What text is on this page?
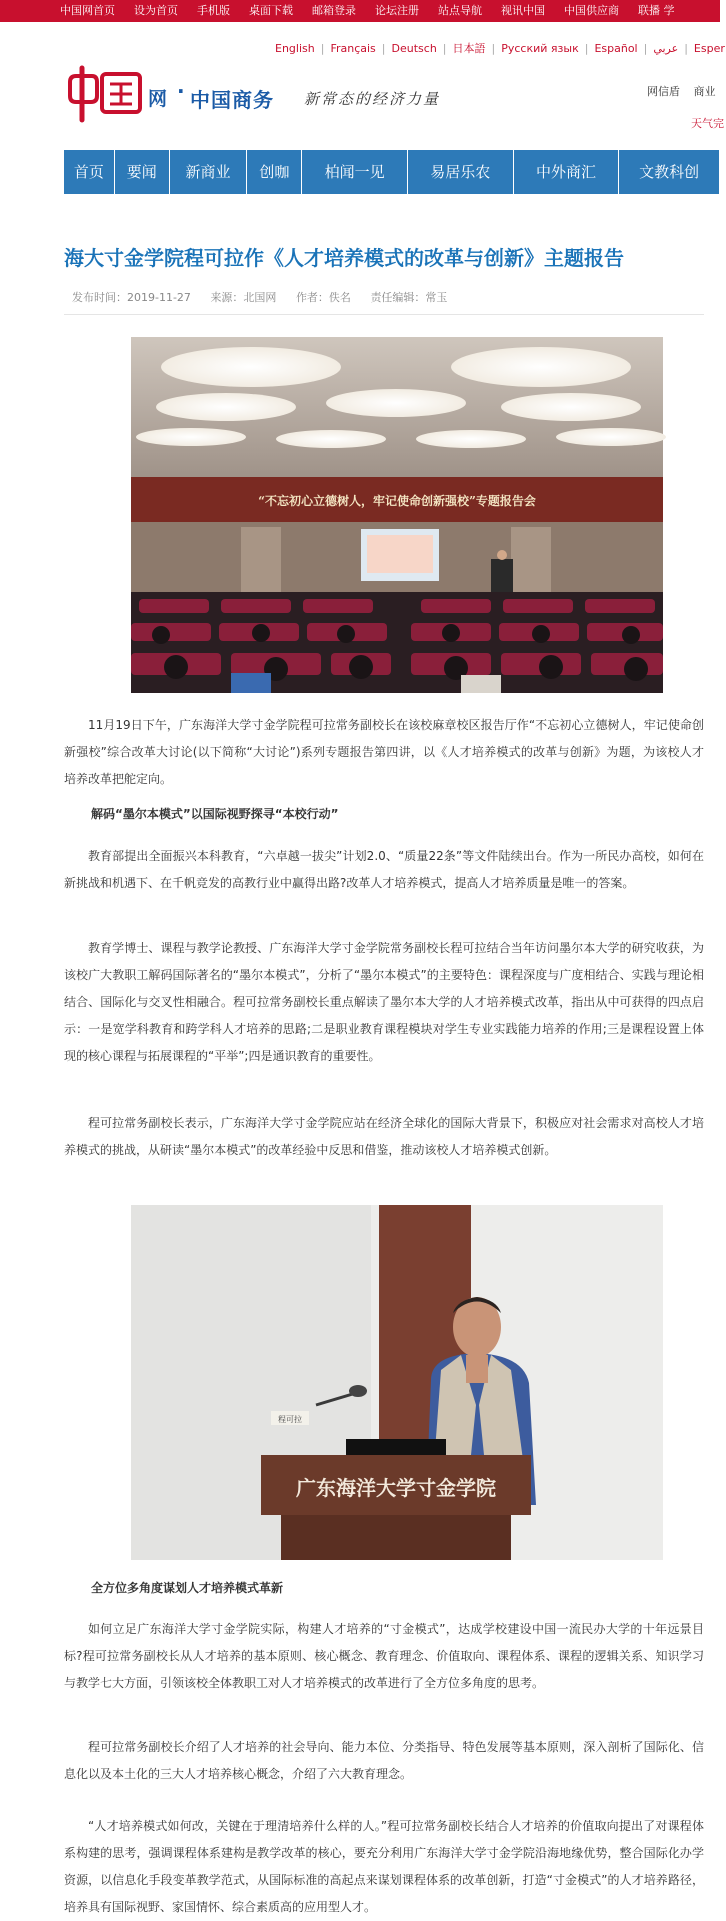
中国网首页 设为首页 手机版 桌面下载 邮箱登录 论坛注册 站点导航 视讯中国 中国供应商 联播 学
English | Français | Deutsch | 日本語 | Русский язык | Español | عربي | Esper
中国
网 · 中国商务 新常态的经济力量	网信盾 商业
天气完
首页	要闻	新商业	创咖	柏闻一见	易居乐农	中外商汇	文教科创
海大寸金学院程可拉作《人才培养模式的改革与创新》主题报告
发布时间：2019-11-27 来源：北国网 作者：佚名 责任编辑：常玉
“不忘初心立德树人，牢记使命创新强校”专题报告会

11月19日下午，广东海洋大学寸金学院程可拉常务副校长在该校麻章校区报告厅作“不忘初心立德树人，牢记使命创新强校”综合改革大讨论(以下简称“大讨论”)系列专题报告第四讲，以《人才培养模式的改革与创新》为题，为该校人才培养改革把舵定向。

解码“墨尔本模式”以国际视野探寻“本校行动”

教育部提出全面振兴本科教育，“六卓越一拔尖”计划2.0、“质量22条”等文件陆续出台。作为一所民办高校，如何在新挑战和机遇下、在千帆竞发的高教行业中赢得出路?改革人才培养模式，提高人才培养质量是唯一的答案。

教育学博士、课程与教学论教授、广东海洋大学寸金学院常务副校长程可拉结合当年访问墨尔本大学的研究收获，为该校广大教职工解码国际著名的“墨尔本模式”，分析了“墨尔本模式”的主要特色：课程深度与广度相结合、实践与理论相结合、国际化与交叉性相融合。程可拉常务副校长重点解读了墨尔本大学的人才培养模式改革，指出从中可获得的四点启示：一是宽学科教育和跨学科人才培养的思路;二是职业教育课程模块对学生专业实践能力培养的作用;三是课程设置上体现的核心课程与拓展课程的“平举”;四是通识教育的重要性。

程可拉常务副校长表示，广东海洋大学寸金学院应站在经济全球化的国际大背景下，积极应对社会需求对高校人才培养模式的挑战，从研读“墨尔本模式”的改革经验中反思和借鉴，推动该校人才培养模式创新。

程可拉
广东海洋大学寸金学院
全方位多角度谋划人才培养模式革新

如何立足广东海洋大学寸金学院实际，构建人才培养的“寸金模式”，达成学校建设中国一流民办大学的十年远景目标?程可拉常务副校长从人才培养的基本原则、核心概念、教育理念、价值取向、课程体系、课程的逻辑关系、知识学习与教学七大方面，引领该校全体教职工对人才培养模式的改革进行了全方位多角度的思考。

程可拉常务副校长介绍了人才培养的社会导向、能力本位、分类指导、特色发展等基本原则，深入剖析了国际化、信息化以及本土化的三大人才培养核心概念，介绍了六大教育理念。

“人才培养模式如何改，关键在于理清培养什么样的人。”程可拉常务副校长结合人才培养的价值取向提出了对课程体系构建的思考，强调课程体系建构是教学改革的核心，要充分利用广东海洋大学寸金学院沿海地缘优势，整合国际化办学资源，以信息化手段变革教学范式，从国际标准的高起点来谋划课程体系的改革创新，打造“寸金模式”的人才培养路径，培养具有国际视野、家国情怀、综合素质高的应用型人才。
